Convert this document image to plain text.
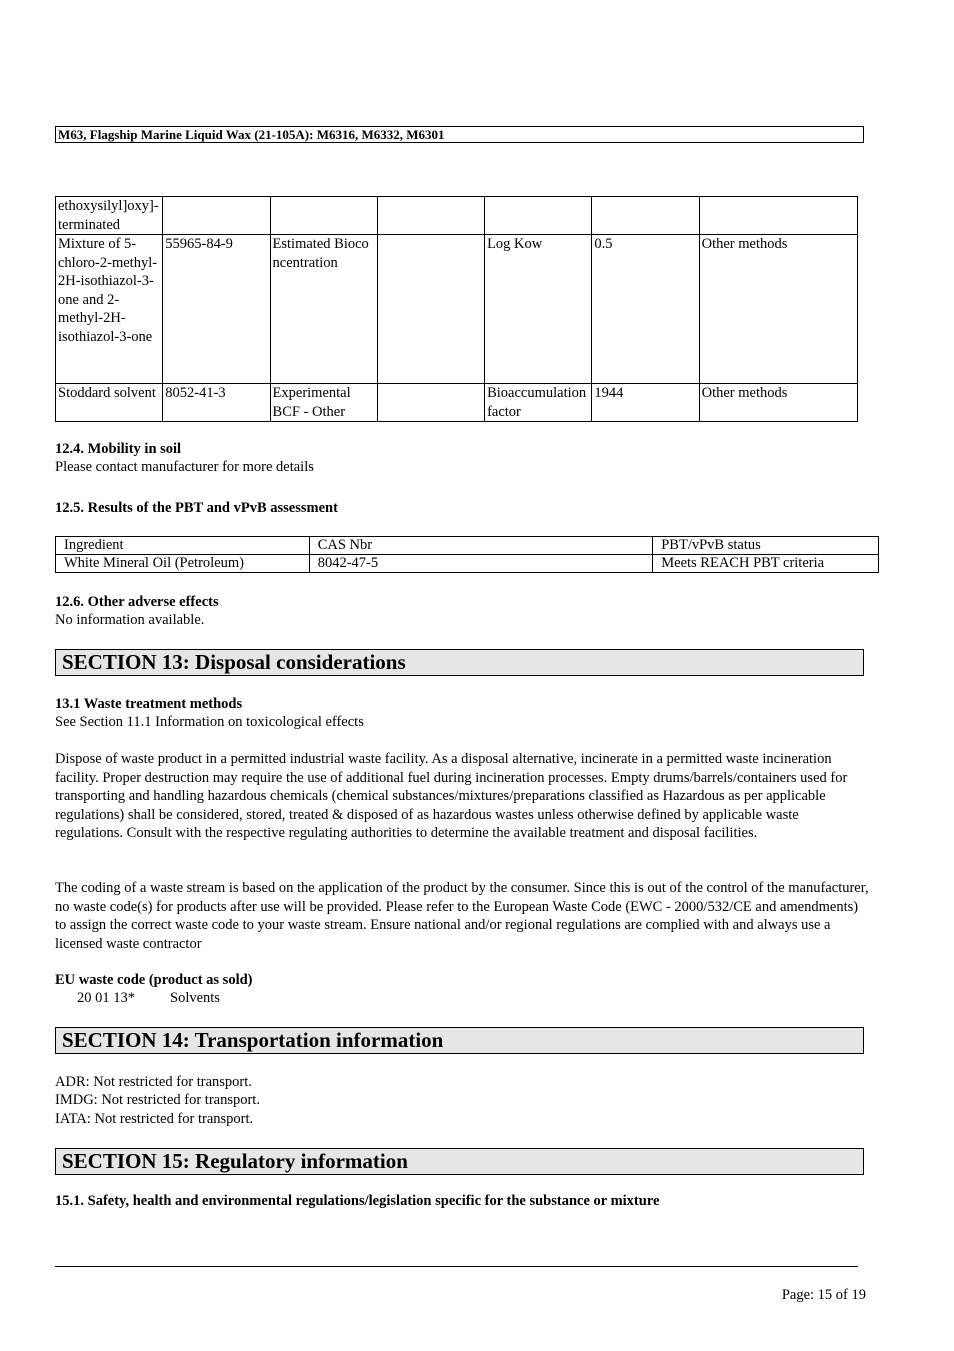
M63, Flagship Marine Liquid Wax (21-105A): M6316, M6332, M6301
ethoxysilyl]oxy]-terminated						
Mixture of 5-chloro-2-methyl-2H-isothiazol-3-one and 2-methyl-2H-isothiazol-3-one	55965-84-9	Estimated Bioconcentration		Log Kow	0.5	Other methods
Stoddard solvent	8052-41-3	Experimental BCF - Other		Bioaccumulation factor	1944	Other methods
12.4. Mobility in soil
Please contact manufacturer for more details
12.5. Results of the PBT and vPvB assessment
Ingredient	CAS Nbr	PBT/vPvB status
White Mineral Oil (Petroleum)	8042-47-5	Meets REACH PBT criteria
12.6. Other adverse effects
No information available.
SECTION 13: Disposal considerations
13.1 Waste treatment methods
See Section 11.1 Information on toxicological effects
Dispose of waste product in a permitted industrial waste facility. As a disposal alternative, incinerate in a permitted waste incineration facility. Proper destruction may require the use of additional fuel during incineration processes. Empty drums/barrels/containers used for transporting and handling hazardous chemicals (chemical substances/mixtures/preparations classified as Hazardous as per applicable regulations) shall be considered, stored, treated & disposed of as hazardous wastes unless otherwise defined by applicable waste regulations. Consult with the respective regulating authorities to determine the available treatment and disposal facilities.
The coding of a waste stream is based on the application of the product by the consumer. Since this is out of the control of the manufacturer, no waste code(s) for products after use will be provided. Please refer to the European Waste Code (EWC - 2000/532/CE and amendments) to assign the correct waste code to your waste stream. Ensure national and/or regional regulations are complied with and always use a licensed waste contractor
EU waste code (product as sold)
20 01 13* Solvents
SECTION 14: Transportation information
ADR: Not restricted for transport.
IMDG: Not restricted for transport.
IATA: Not restricted for transport.
SECTION 15: Regulatory information
15.1. Safety, health and environmental regulations/legislation specific for the substance or mixture
Page: 15 of 19
